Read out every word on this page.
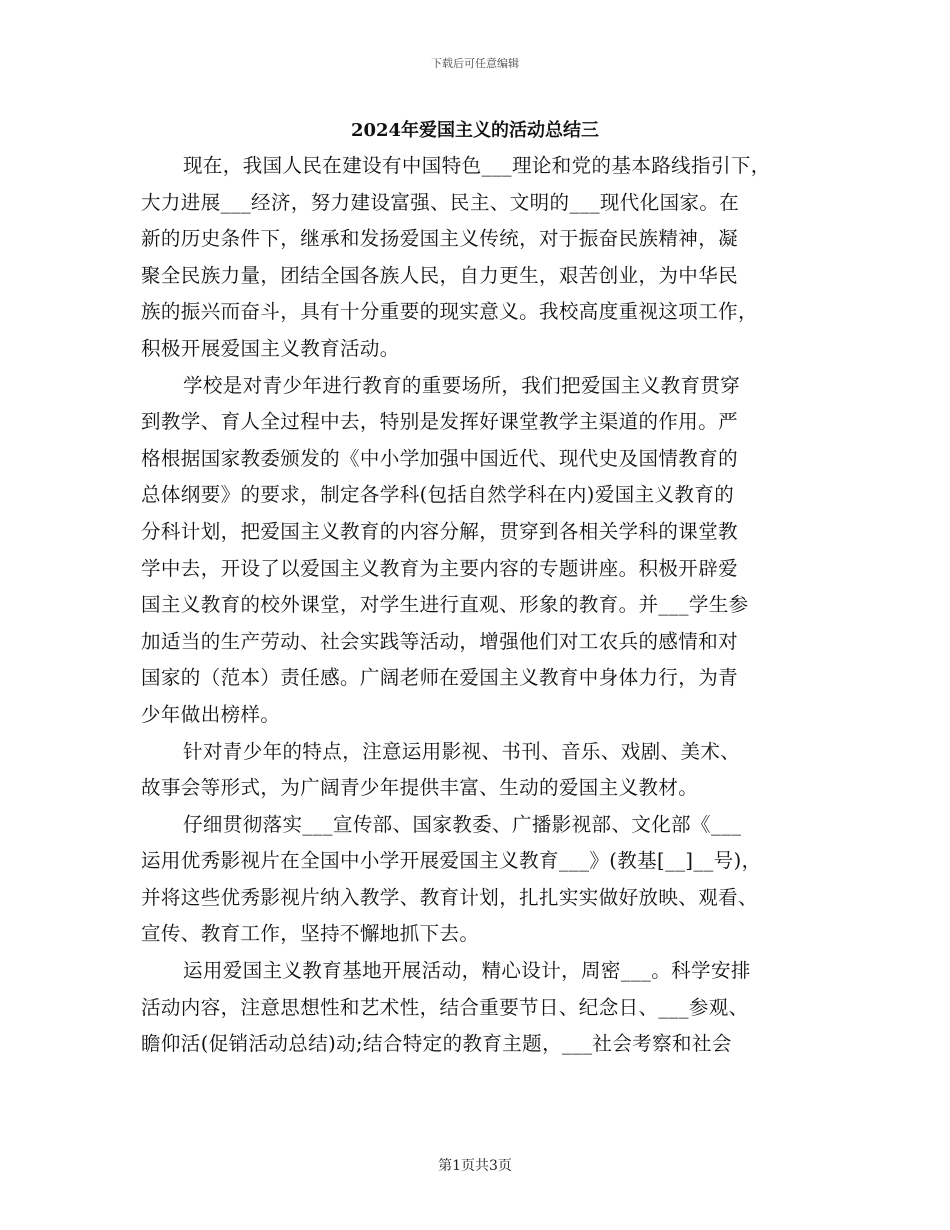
下载后可任意编辑
2024年爱国主义的活动总结三

现在，我国人民在建设有中国特色___理论和党的基本路线指引下，
大力进展___经济，努力建设富强、民主、文明的___现代化国家。在
新的历史条件下，继承和发扬爱国主义传统，对于振奋民族精神，凝
聚全民族力量，团结全国各族人民，自力更生，艰苦创业，为中华民
族的振兴而奋斗，具有十分重要的现实意义。我校高度重视这项工作，
积极开展爱国主义教育活动。

学校是对青少年进行教育的重要场所，我们把爱国主义教育贯穿
到教学、育人全过程中去，特别是发挥好课堂教学主渠道的作用。严
格根据国家教委颁发的《中小学加强中国近代、现代史及国情教育的
总体纲要》的要求，制定各学科(包括自然学科在内)爱国主义教育的
分科计划，把爱国主义教育的内容分解，贯穿到各相关学科的课堂教
学中去，开设了以爱国主义教育为主要内容的专题讲座。积极开辟爱
国主义教育的校外课堂，对学生进行直观、形象的教育。并___学生参
加适当的生产劳动、社会实践等活动，增强他们对工农兵的感情和对
国家的（范本）责任感。广阔老师在爱国主义教育中身体力行，为青
少年做出榜样。

针对青少年的特点，注意运用影视、书刊、音乐、戏剧、美术、
故事会等形式，为广阔青少年提供丰富、生动的爱国主义教材。

仔细贯彻落实___宣传部、国家教委、广播影视部、文化部《___
运用优秀影视片在全国中小学开展爱国主义教育___》(教基[__]__号)，
并将这些优秀影视片纳入教学、教育计划，扎扎实实做好放映、观看、
宣传、教育工作，坚持不懈地抓下去。

运用爱国主义教育基地开展活动，精心设计，周密___。科学安排
活动内容，注意思想性和艺术性，结合重要节日、纪念日、___参观、
瞻仰活(促销活动总结)动;结合特定的教育主题，___社会考察和社会

第1页共3页
